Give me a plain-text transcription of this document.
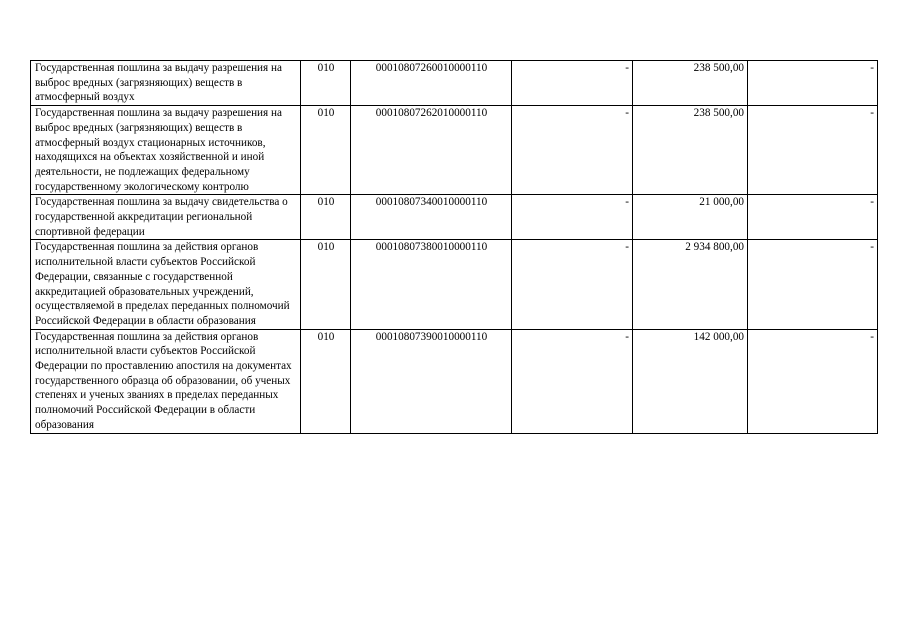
Государственная пошлина за выдачу разрешения на выброс вредных (загрязняющих) веществ в атмосферный воздух	010	00010807260010000110	-	238 500,00	-

Государственная пошлина за выдачу разрешения на выброс вредных (загрязняющих) веществ в атмосферный воздух стационарных источников, находящихся на объектах хозяйственной и иной деятельности, не подлежащих федеральному государственному экологическому контролю	010	00010807262010000110	-	238 500,00	-

Государственная пошлина за выдачу свидетельства о государственной аккредитации региональной спортивной федерации	010	00010807340010000110	-	21 000,00	-

Государственная пошлина за действия органов исполнительной власти субъектов Российской Федерации, связанные с государственной аккредитацией образовательных учреждений, осуществляемой в пределах переданных полномочий Российской Федерации в области образования	010	00010807380010000110	-	2 934 800,00	-

Государственная пошлина за действия органов исполнительной власти субъектов Российской Федерации по проставлению апостиля на документах государственного образца об образовании, об ученых степенях и ученых званиях в пределах переданных полномочий Российской Федерации в области образования	010	00010807390010000110	-	142 000,00	-
